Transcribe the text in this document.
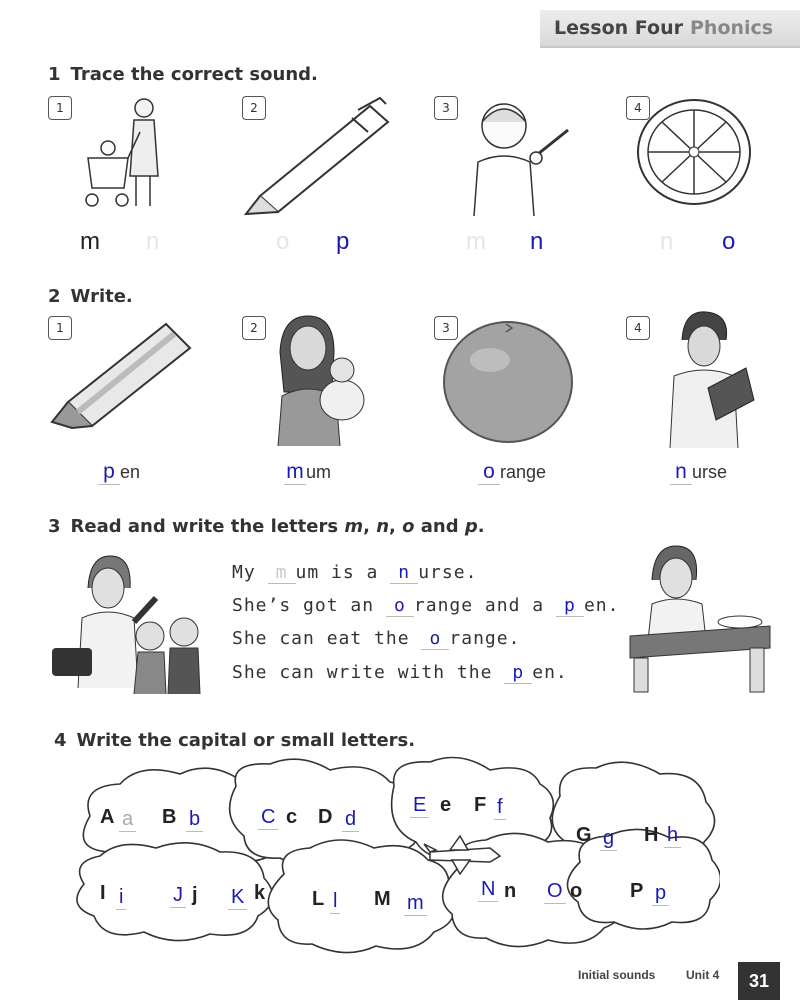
Lesson Four Phonics
1 Trace the correct sound.
1	2	3	4
m n	o p	m n	n o
2 Write.
1	2	3	4
p en	m um	o range	n urse
3 Read and write the letters m, n, o and p.
My m um is a n urse.
She’s got an o range and a p en.
She can eat the o range.
She can write with the p en.
4 Write the capital or small letters.
A a B b	C c D d
E e F f
G g H h
I i J j K k L l M m
N n O o P p
Initial sounds	Unit 4	31
